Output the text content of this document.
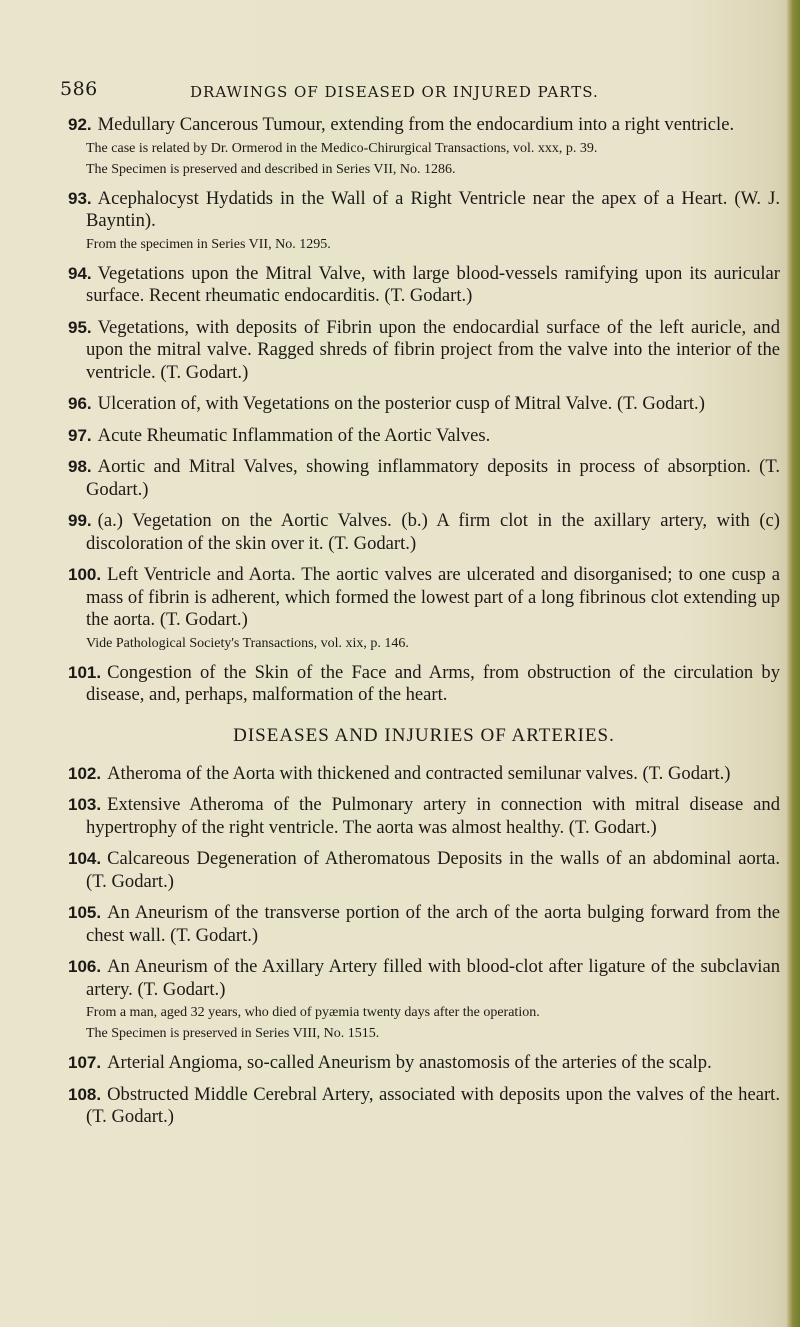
586	DRAWINGS OF DISEASED OR INJURED PARTS.
92. Medullary Cancerous Tumour, extending from the endocardium into a right ventricle.
The case is related by Dr. Ormerod in the Medico-Chirurgical Transactions, vol. xxx, p. 39.
The Specimen is preserved and described in Series VII, No. 1286.
93. Acephalocyst Hydatids in the Wall of a Right Ventricle near the apex of a Heart. (W. J. Bayntin).
From the specimen in Series VII, No. 1295.
94. Vegetations upon the Mitral Valve, with large blood-vessels ramifying upon its auricular surface. Recent rheumatic endocarditis. (T. Godart.)
95. Vegetations, with deposits of Fibrin upon the endocardial surface of the left auricle, and upon the mitral valve. Ragged shreds of fibrin project from the valve into the interior of the ventricle. (T. Godart.)
96. Ulceration of, with Vegetations on the posterior cusp of Mitral Valve. (T. Godart.)
97. Acute Rheumatic Inflammation of the Aortic Valves.
98. Aortic and Mitral Valves, showing inflammatory deposits in process of absorption. (T. Godart.)
99. (a.) Vegetation on the Aortic Valves. (b.) A firm clot in the axillary artery, with (c) discoloration of the skin over it. (T. Godart.)
100. Left Ventricle and Aorta. The aortic valves are ulcerated and disorganised; to one cusp a mass of fibrin is adherent, which formed the lowest part of a long fibrinous clot extending up the aorta. (T. Godart.)
Vide Pathological Society's Transactions, vol. xix, p. 146.
101. Congestion of the Skin of the Face and Arms, from obstruction of the circulation by disease, and, perhaps, malformation of the heart.
DISEASES AND INJURIES OF ARTERIES.
102. Atheroma of the Aorta with thickened and contracted semilunar valves. (T. Godart.)
103. Extensive Atheroma of the Pulmonary artery in connection with mitral disease and hypertrophy of the right ventricle. The aorta was almost healthy. (T. Godart.)
104. Calcareous Degeneration of Atheromatous Deposits in the walls of an abdominal aorta. (T. Godart.)
105. An Aneurism of the transverse portion of the arch of the aorta bulging forward from the chest wall. (T. Godart.)
106. An Aneurism of the Axillary Artery filled with blood-clot after ligature of the subclavian artery. (T. Godart.)
From a man, aged 32 years, who died of pyæmia twenty days after the operation.
The Specimen is preserved in Series VIII, No. 1515.
107. Arterial Angioma, so-called Aneurism by anastomosis of the arteries of the scalp.
108. Obstructed Middle Cerebral Artery, associated with deposits upon the valves of the heart. (T. Godart.)
